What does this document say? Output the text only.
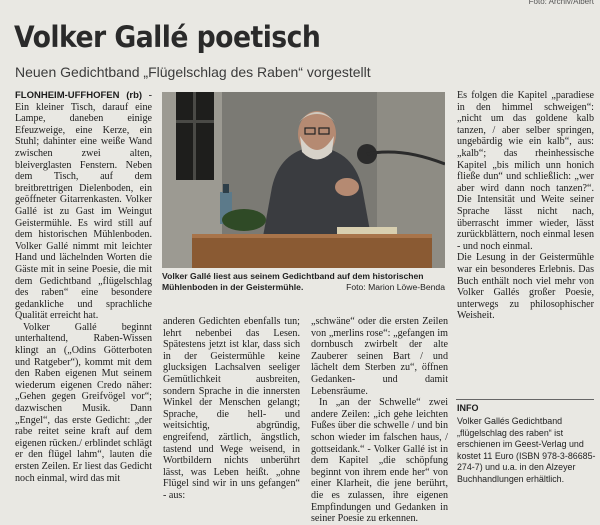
Foto: Archiv/Albert
Volker Gallé poetisch
Neuen Gedichtband „Flügelschlag des Raben“ vorgestellt

FLONHEIM-UFFHOFEN (rb) - Ein kleiner Tisch, darauf eine Lampe, daneben einige Efeuzweige, eine Kerze, ein Stuhl; dahinter eine weiße Wand zwischen zwei alten, bleiverglasten Fenstern. Neben dem Tisch, auf dem breitbrettrigen Dielenboden, ein geöffneter Gitarrenkasten. Volker Gallé ist zu Gast im Weingut Geistermühle. Es wird still auf dem historischen Mühlenboden. Volker Gallé nimmt mit leichter Hand und lächelnden Worten die Gäste mit in seine Poesie, die mit dem Gedichtband „flügelschlag des raben“ eine besondere gedankliche und sprachliche Qualität erreicht hat.

Volker Gallé beginnt unterhaltend, Raben-Wissen klingt an („Odins Götterboten und Ratgeber“), kommt mit dem den Raben eigenen Mut seinem wiederum eigenen Credo näher: „Gehen gegen Greifvögel vor“; dazwischen Musik. Dann „Engel“, das erste Gedicht: „der rabe reitet seine kraft auf dem eigenen rücken./ erblindet schlägt er den flügel lahm“, lauten die ersten Zeilen. Er liest das Gedicht noch einmal, wird das mit

Volker Gallé liest aus seinem Gedichtband auf dem historischen Mühlenboden in der Geistermühle.	Foto: Marion Löwe-Benda

anderen Gedichten ebenfalls tun; lehrt nebenbei das Lesen. Spätestens jetzt ist klar, dass sich in der Geistermühle keine glucksigen Lachsalven seeliger Gemütlichkeit ausbreiten, sondern Sprache in die innersten Winkel der Menschen gelangt; Sprache, die hell- und weitsichtig, abgründig, engreifend, zärtlich, ängstlich, tastend und Wege weisend, in Wortbildern nichts unberührt lässt, was Leben heißt. „ohne Flügel sind wir in uns gefangen“ - aus:

„schwäne“ oder die ersten Zeilen von „merlins rose“: „gefangen im dornbusch zwirbelt der alte Zauberer seinen Bart / und lächelt dem Sterben zu“, öffnen Gedanken- und damit Lebensräume.

In „an der Schwelle“ zwei andere Zeilen: „ich gehe leichten Fußes über die schwelle / und bin schon wieder im falschen haus, / gottseidank.“ - Volker Gallé ist in dem Kapitel „die schöpfung beginnt von ihrem ende her“ von einer Klarheit, die jene berührt, die es zulassen, ihre eigenen Empfindungen und Gedanken in seiner Poesie zu erkennen.

Es folgen die Kapitel „paradiese in den himmel schweigen“: „nicht um das goldene kalb tanzen, / aber selber springen, ungebärdig wie ein kalb“, aus: „kalb“; das rheinhessische Kapitel „bis milich unn honich fließe dun“ und schließlich: „wer aber wird dann noch tanzen?“. Die Intensität und Weite seiner Sprache lässt nicht nach, überrascht immer wieder, lässt zurückblättern, noch einmal lesen - und noch einmal.

Die Lesung in der Geistermühle war ein besonderes Erlebnis. Das Buch enthält noch viel mehr von Volker Gallés großer Poesie, unterwegs zu philosophischer Weisheit.

INFO
Volker Gallés Gedichtband „flügelschlag des raben“ ist erschienen im Geest-Verlag und kostet 11 Euro (ISBN 978-3-86685-274-7) und u.a. in den Alzeyer Buchhandlungen erhältlich.
